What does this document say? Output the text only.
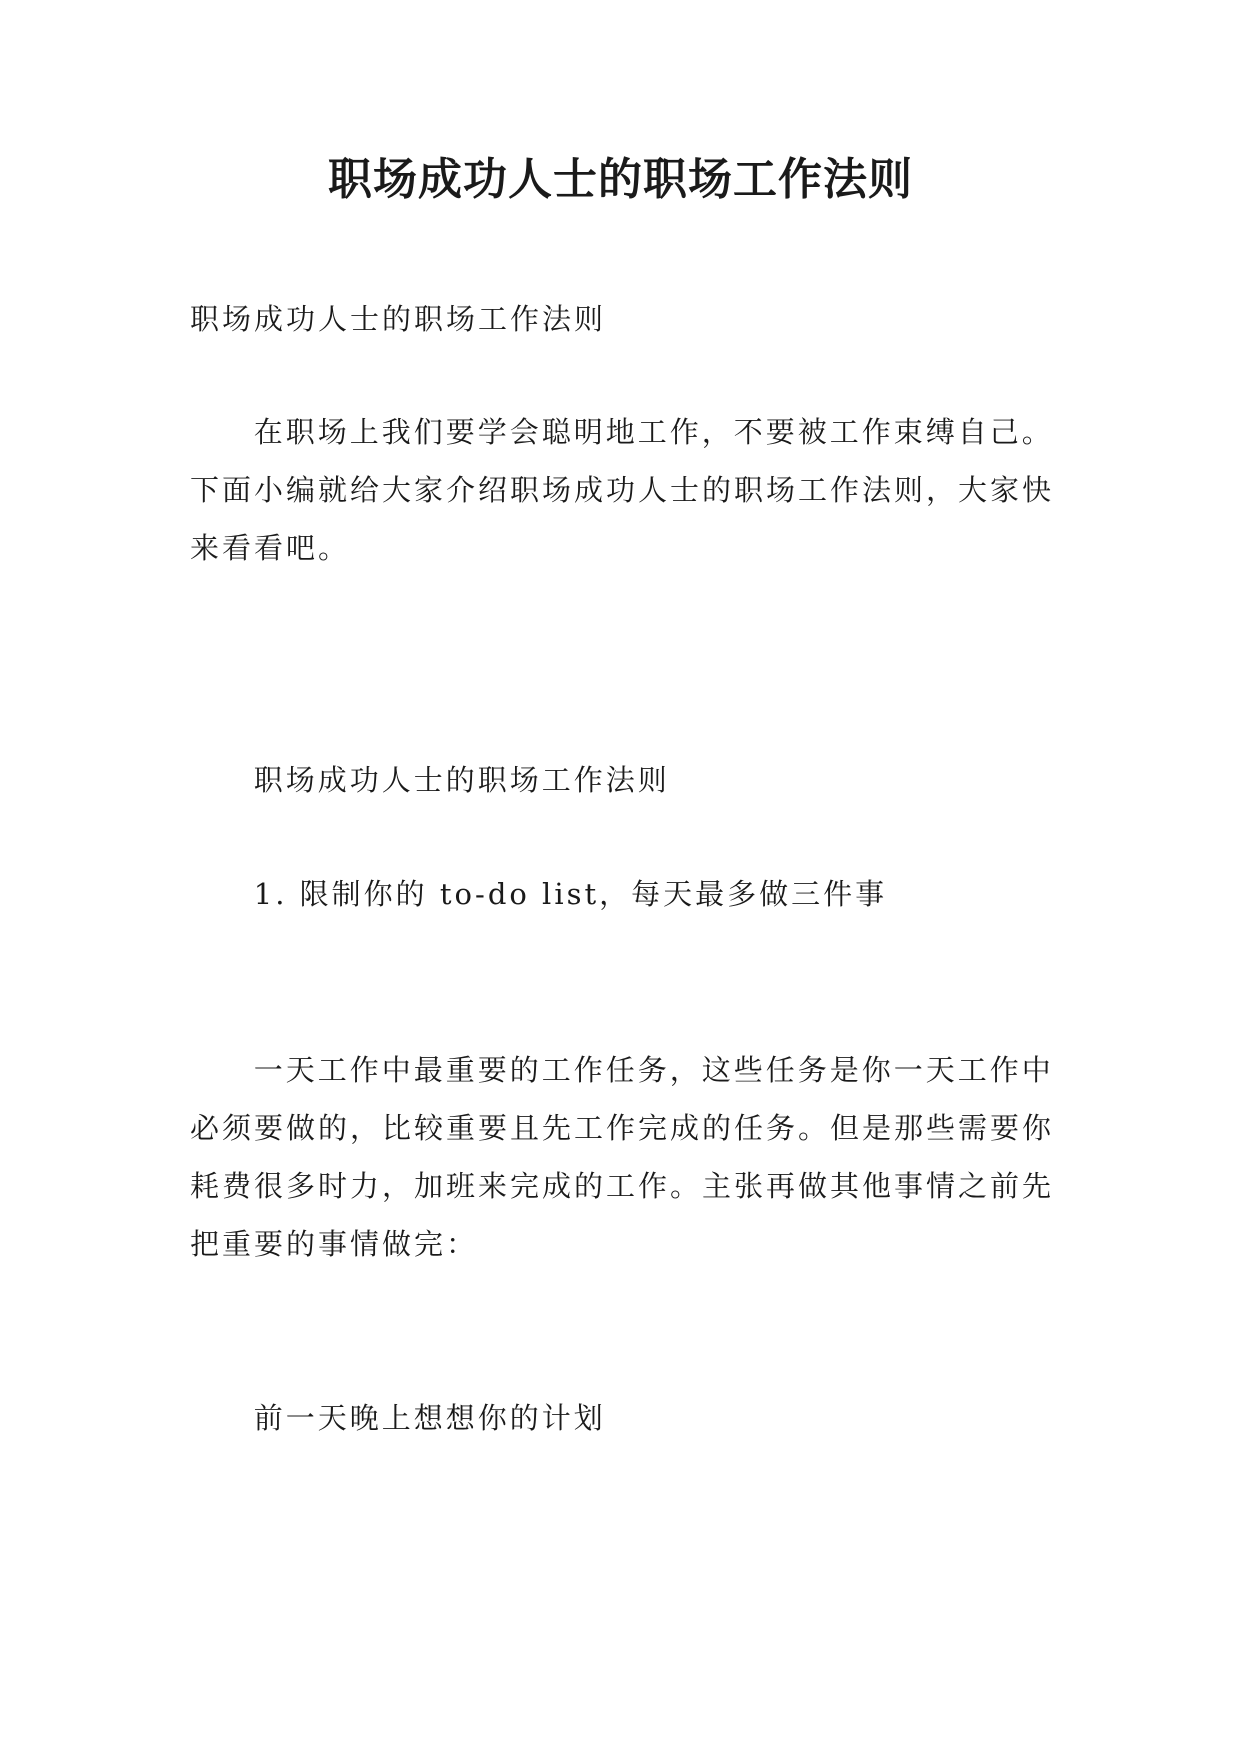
职场成功人士的职场工作法则

职场成功人士的职场工作法则

在职场上我们要学会聪明地工作，不要被工作束缚自己。下面小编就给大家介绍职场成功人士的职场工作法则，大家快来看看吧。

职场成功人士的职场工作法则

1. 限制你的 to-do list，每天最多做三件事

一天工作中最重要的工作任务，这些任务是你一天工作中必须要做的，比较重要且先工作完成的任务。但是那些需要你耗费很多时力，加班来完成的工作。主张再做其他事情之前先把重要的事情做完：

前一天晚上想想你的计划
